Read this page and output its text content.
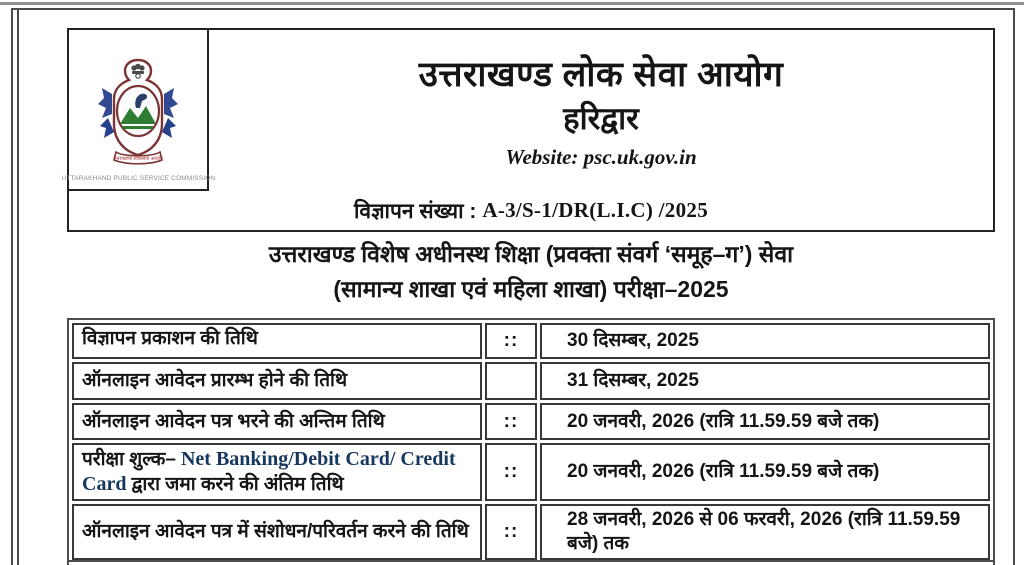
उत्तराखण्ड लोकसेवा आयोग
UTTARAKHAND PUBLIC SERVICE COMMISSION
उत्तराखण्ड लोक सेवा आयोग
हरिद्वार
Website: psc.uk.gov.in
विज्ञापन संख्या : A-3/S-1/DR(L.I.C) /2025
उत्तराखण्ड विशेष अधीनस्थ शिक्षा (प्रवक्ता संवर्ग ‘समूह–ग’) सेवा
(सामान्य शाखा एवं महिला शाखा) परीक्षा–2025
विज्ञापन प्रकाशन की तिथि	::	30 दिसम्बर, 2025
ऑनलाइन आवेदन प्रारम्भ होने की तिथि		31 दिसम्बर, 2025
ऑनलाइन आवेदन पत्र भरने की अन्तिम तिथि	::	20 जनवरी, 2026 (रात्रि 11.59.59 बजे तक)
परीक्षा शुल्क– Net Banking/Debit Card/ Credit Card द्वारा जमा करने की अंतिम तिथि	::	20 जनवरी, 2026 (रात्रि 11.59.59 बजे तक)
ऑनलाइन आवेदन पत्र में संशोधन/परिवर्तन करने की तिथि	::	28 जनवरी, 2026 से 06 फरवरी, 2026 (रात्रि 11.59.59 बजे) तक
